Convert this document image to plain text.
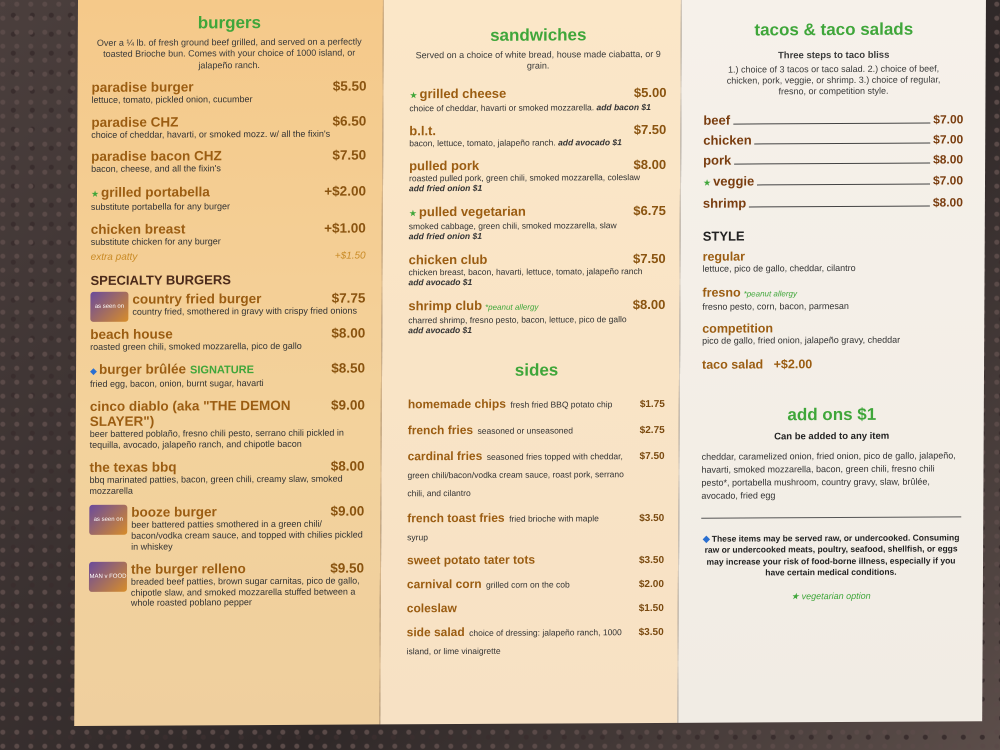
burgers
Over a ¼ lb. of fresh ground beef grilled, and served on a perfectly toasted Brioche bun. Comes with your choice of 1000 island, or jalapeño ranch.
paradise burger	$5.50
lettuce, tomato, pickled onion, cucumber
paradise CHZ	$6.50
choice of cheddar, havarti, or smoked mozz. w/ all the fixin's
paradise bacon CHZ	$7.50
bacon, cheese, and all the fixin's
★ grilled portabella	+$2.00
substitute portabella for any burger
chicken breast	+$1.00
substitute chicken for any burger
extra patty	+$1.50
SPECIALTY BURGERS
as seen on
country fried burger	$7.75
country fried, smothered in gravy with crispy fried onions
beach house	$8.00
roasted green chili, smoked mozzarella, pico de gallo
◆ burger brûlée SIGNATURE	$8.50
fried egg, bacon, onion, burnt sugar, havarti
cinco diablo (aka "THE DEMON SLAYER")
$9.00
beer battered poblaño, fresno chili pesto, serrano chili pickled in tequilla, avocado, jalapeño ranch, and chipotle bacon
the texas bbq	$8.00
bbq marinated patties, bacon, green chili, creamy slaw, smoked mozzarella
as seen on
booze burger	$9.00
beer battered patties smothered in a green chili/ bacon/vodka cream sauce, and topped with chilies pickled in whiskey
MAN v FOOD
the burger relleno	$9.50
breaded beef patties, brown sugar carnitas, pico de gallo, chipotle slaw, and smoked mozzarella stuffed between a whole roasted poblano pepper
sandwiches
Served on a choice of white bread, house made ciabatta, or 9 grain.
★ grilled cheese	$5.00
choice of cheddar, havarti or smoked mozzarella. add bacon $1
b.l.t.	$7.50
bacon, lettuce, tomato, jalapeño ranch. add avocado $1
pulled pork	$8.00
roasted pulled pork, green chili, smoked mozzarella, coleslaw
add fried onion $1
★ pulled vegetarian	$6.75
smoked cabbage, green chili, smoked mozzarella, slaw
add fried onion $1
chicken club	$7.50
chicken breast, bacon, havarti, lettuce, tomato, jalapeño ranch
add avocado $1
shrimp club *peanut allergy	$8.00
charred shrimp, fresno pesto, bacon, lettuce, pico de gallo
add avocado $1
sides
homemade chips fresh fried BBQ potato chip	$1.75
french fries seasoned or unseasoned	$2.75
cardinal fries seasoned fries topped with cheddar, green chili/bacon/vodka cream sauce, roast pork, serrano chili, and cilantro
$7.50
french toast fries fried brioche with maple syrup
$3.50
sweet potato tater tots	$3.50
carnival corn grilled corn on the cob	$2.00
coleslaw	$1.50
side salad choice of dressing: jalapeño ranch, 1000 island, or lime vinaigrette
$3.50
tacos & taco salads
Three steps to taco bliss
1.) choice of 3 tacos or taco salad. 2.) choice of beef, chicken, pork, veggie, or shrimp. 3.) choice of regular, fresno, or competition style.
beef	$7.00
chicken	$7.00
pork	$8.00
★ veggie	$7.00
shrimp	$8.00
STYLE
regular
lettuce, pico de gallo, cheddar, cilantro
fresno *peanut allergy
fresno pesto, corn, bacon, parmesan
competition
pico de gallo, fried onion, jalapeño gravy, cheddar
taco salad +$2.00
add ons $1
Can be added to any item
cheddar, caramelized onion, fried onion, pico de gallo, jalapeño, havarti, smoked mozzarella, bacon, green chili, fresno chili pesto*, portabella mushroom, country gravy, slaw, brûlée, avocado, fried egg
◆ These items may be served raw, or undercooked. Consuming raw or undercooked meats, poultry, seafood, shellfish, or eggs may increase your risk of food-borne illness, especially if you have certain medical conditions.
★ vegetarian option
